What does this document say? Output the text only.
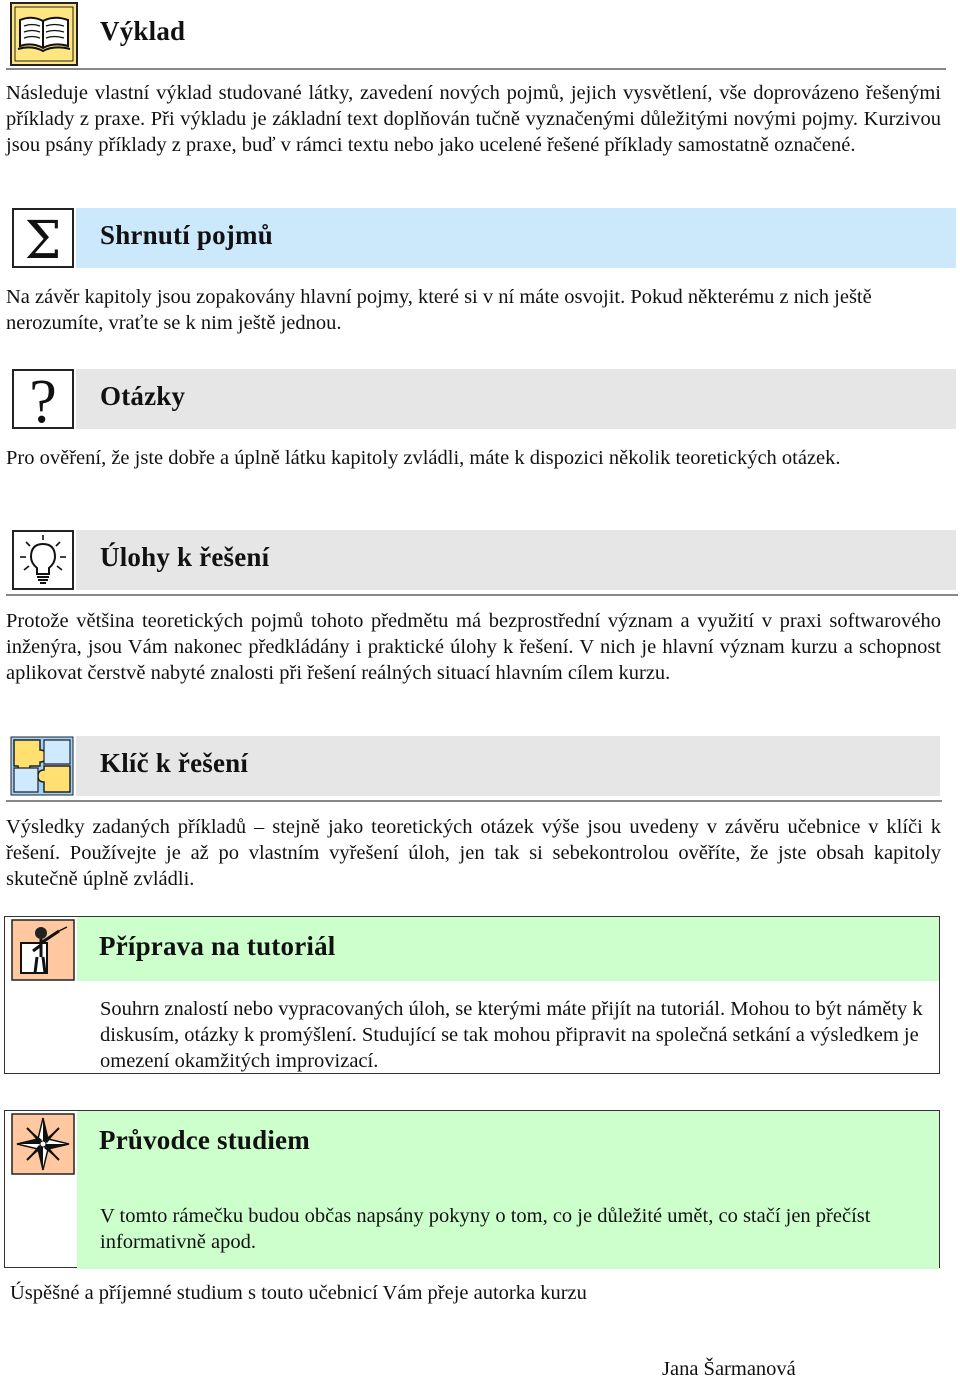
Výklad
Následuje vlastní výklad studované látky, zavedení nových pojmů, jejich vysvětlení, vše doprovázeno řešenými příklady z praxe. Při výkladu je základní text doplňován tučně vyznačenými důležitými novými pojmy. Kurzivou jsou psány příklady z praxe, buď v rámci textu nebo jako ucelené řešené příklady samostatně označené.
Σ Shrnutí pojmů
Na závěr kapitoly jsou zopakovány hlavní pojmy, které si v ní máte osvojit. Pokud některému z nich ještě nerozumíte, vraťte se k nim ještě jednou.
? Otázky
Pro ověření, že jste dobře a úplně látku kapitoly zvládli, máte k dispozici několik teoretických otázek.
Úlohy k řešení
Protože většina teoretických pojmů tohoto předmětu má bezprostřední význam a využití v praxi softwarového inženýra, jsou Vám nakonec předkládány i praktické úlohy k řešení. V nich je hlavní význam kurzu a schopnost aplikovat čerstvě nabyté znalosti při řešení reálných situací hlavním cílem kurzu.
Klíč k řešení
Výsledky zadaných příkladů – stejně jako teoretických otázek výše jsou uvedeny v závěru učebnice v klíči k řešení. Používejte je až po vlastním vyřešení úloh, jen tak si sebekontrolou ověříte, že jste obsah kapitoly skutečně úplně zvládli.
Příprava na tutoriál
Souhrn znalostí nebo vypracovaných úloh, se kterými máte přijít na tutoriál. Mohou to být náměty k diskusím, otázky k promýšlení. Studující se tak mohou připravit na společná setkání a výsledkem je omezení okamžitých improvizací.
Průvodce studiem
V tomto rámečku budou občas napsány pokyny o tom, co je důležité umět, co stačí jen přečíst informativně apod.
Úspěšné a příjemné studium s touto učebnicí Vám přeje autorka kurzu
Jana Šarmanová
